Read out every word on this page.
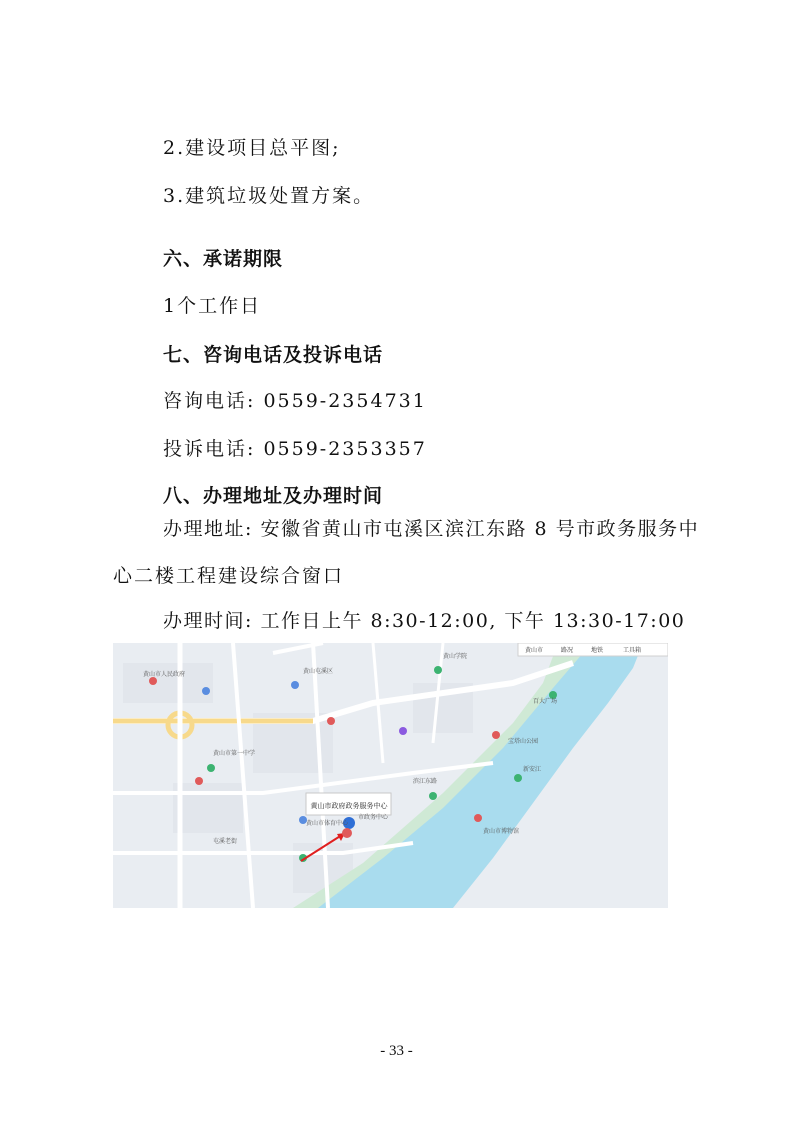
2.建设项目总平图;
3.建筑垃圾处置方案。
六、承诺期限
1个工作日
七、咨询电话及投诉电话
咨询电话: 0559-2354731
投诉电话: 0559-2353357
八、办理地址及办理时间
办理地址: 安徽省黄山市屯溪区滨江东路 8 号市政务服务中
心二楼工程建设综合窗口
办理时间: 工作日上午 8:30-12:00, 下午 13:30-17:00
黄山市政府政务服务中心
黄山市	路况	地铁	工具箱
黄山市人民政府	黄山屯溪区
黄山学院
黄山市第一中学
黄山市体育中心
市政务中心
滨江东路
新安江
屯溪老街
黄山市博物馆
宝塔山公园
百大广场
- 33 -
